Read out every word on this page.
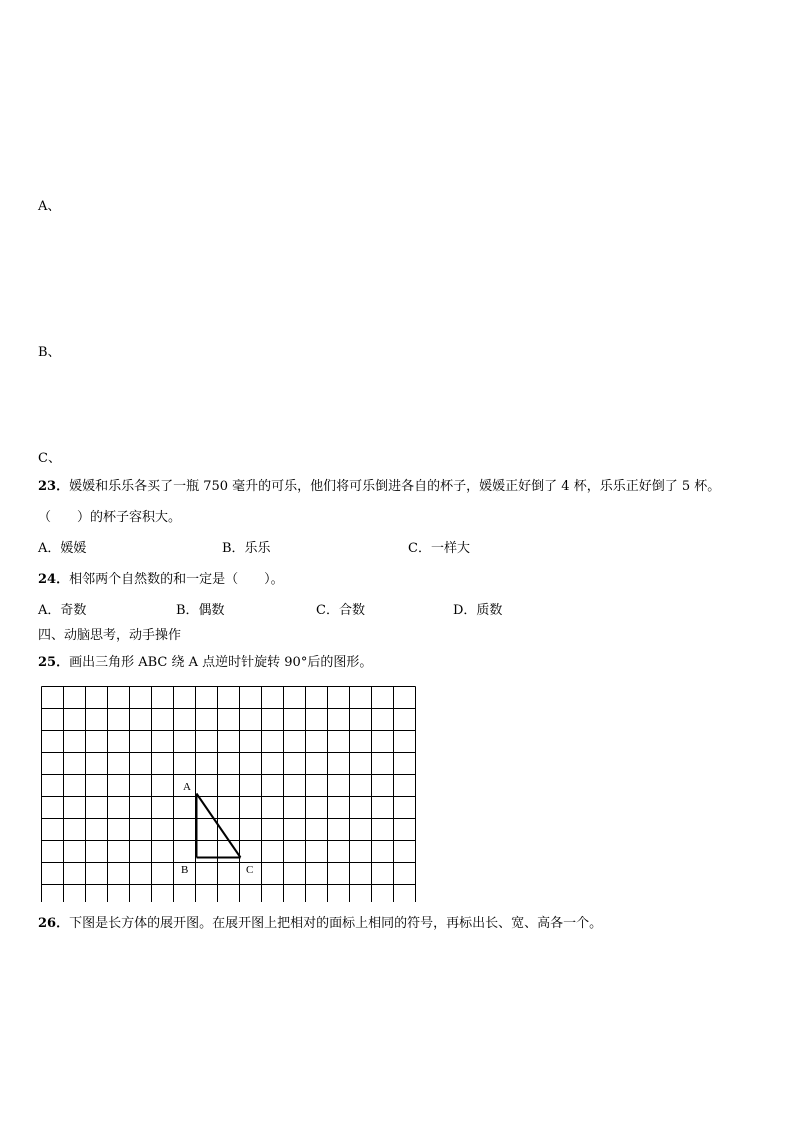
A、
B、
C、
23．媛媛和乐乐各买了一瓶 750 毫升的可乐，他们将可乐倒进各自的杯子，媛媛正好倒了 4 杯，乐乐正好倒了 5 杯。
（　　）的杯子容积大。
A．媛媛	B．乐乐	C．一样大
24．相邻两个自然数的和一定是（　　）。
A．奇数	B．偶数	C．合数	D．质数
四、动脑思考，动手操作
25．画出三角形 ABC 绕 A 点逆时针旋转 90°后的图形。
A
B	C
26．下图是长方体的展开图。在展开图上把相对的面标上相同的符号，再标出长、宽、高各一个。
